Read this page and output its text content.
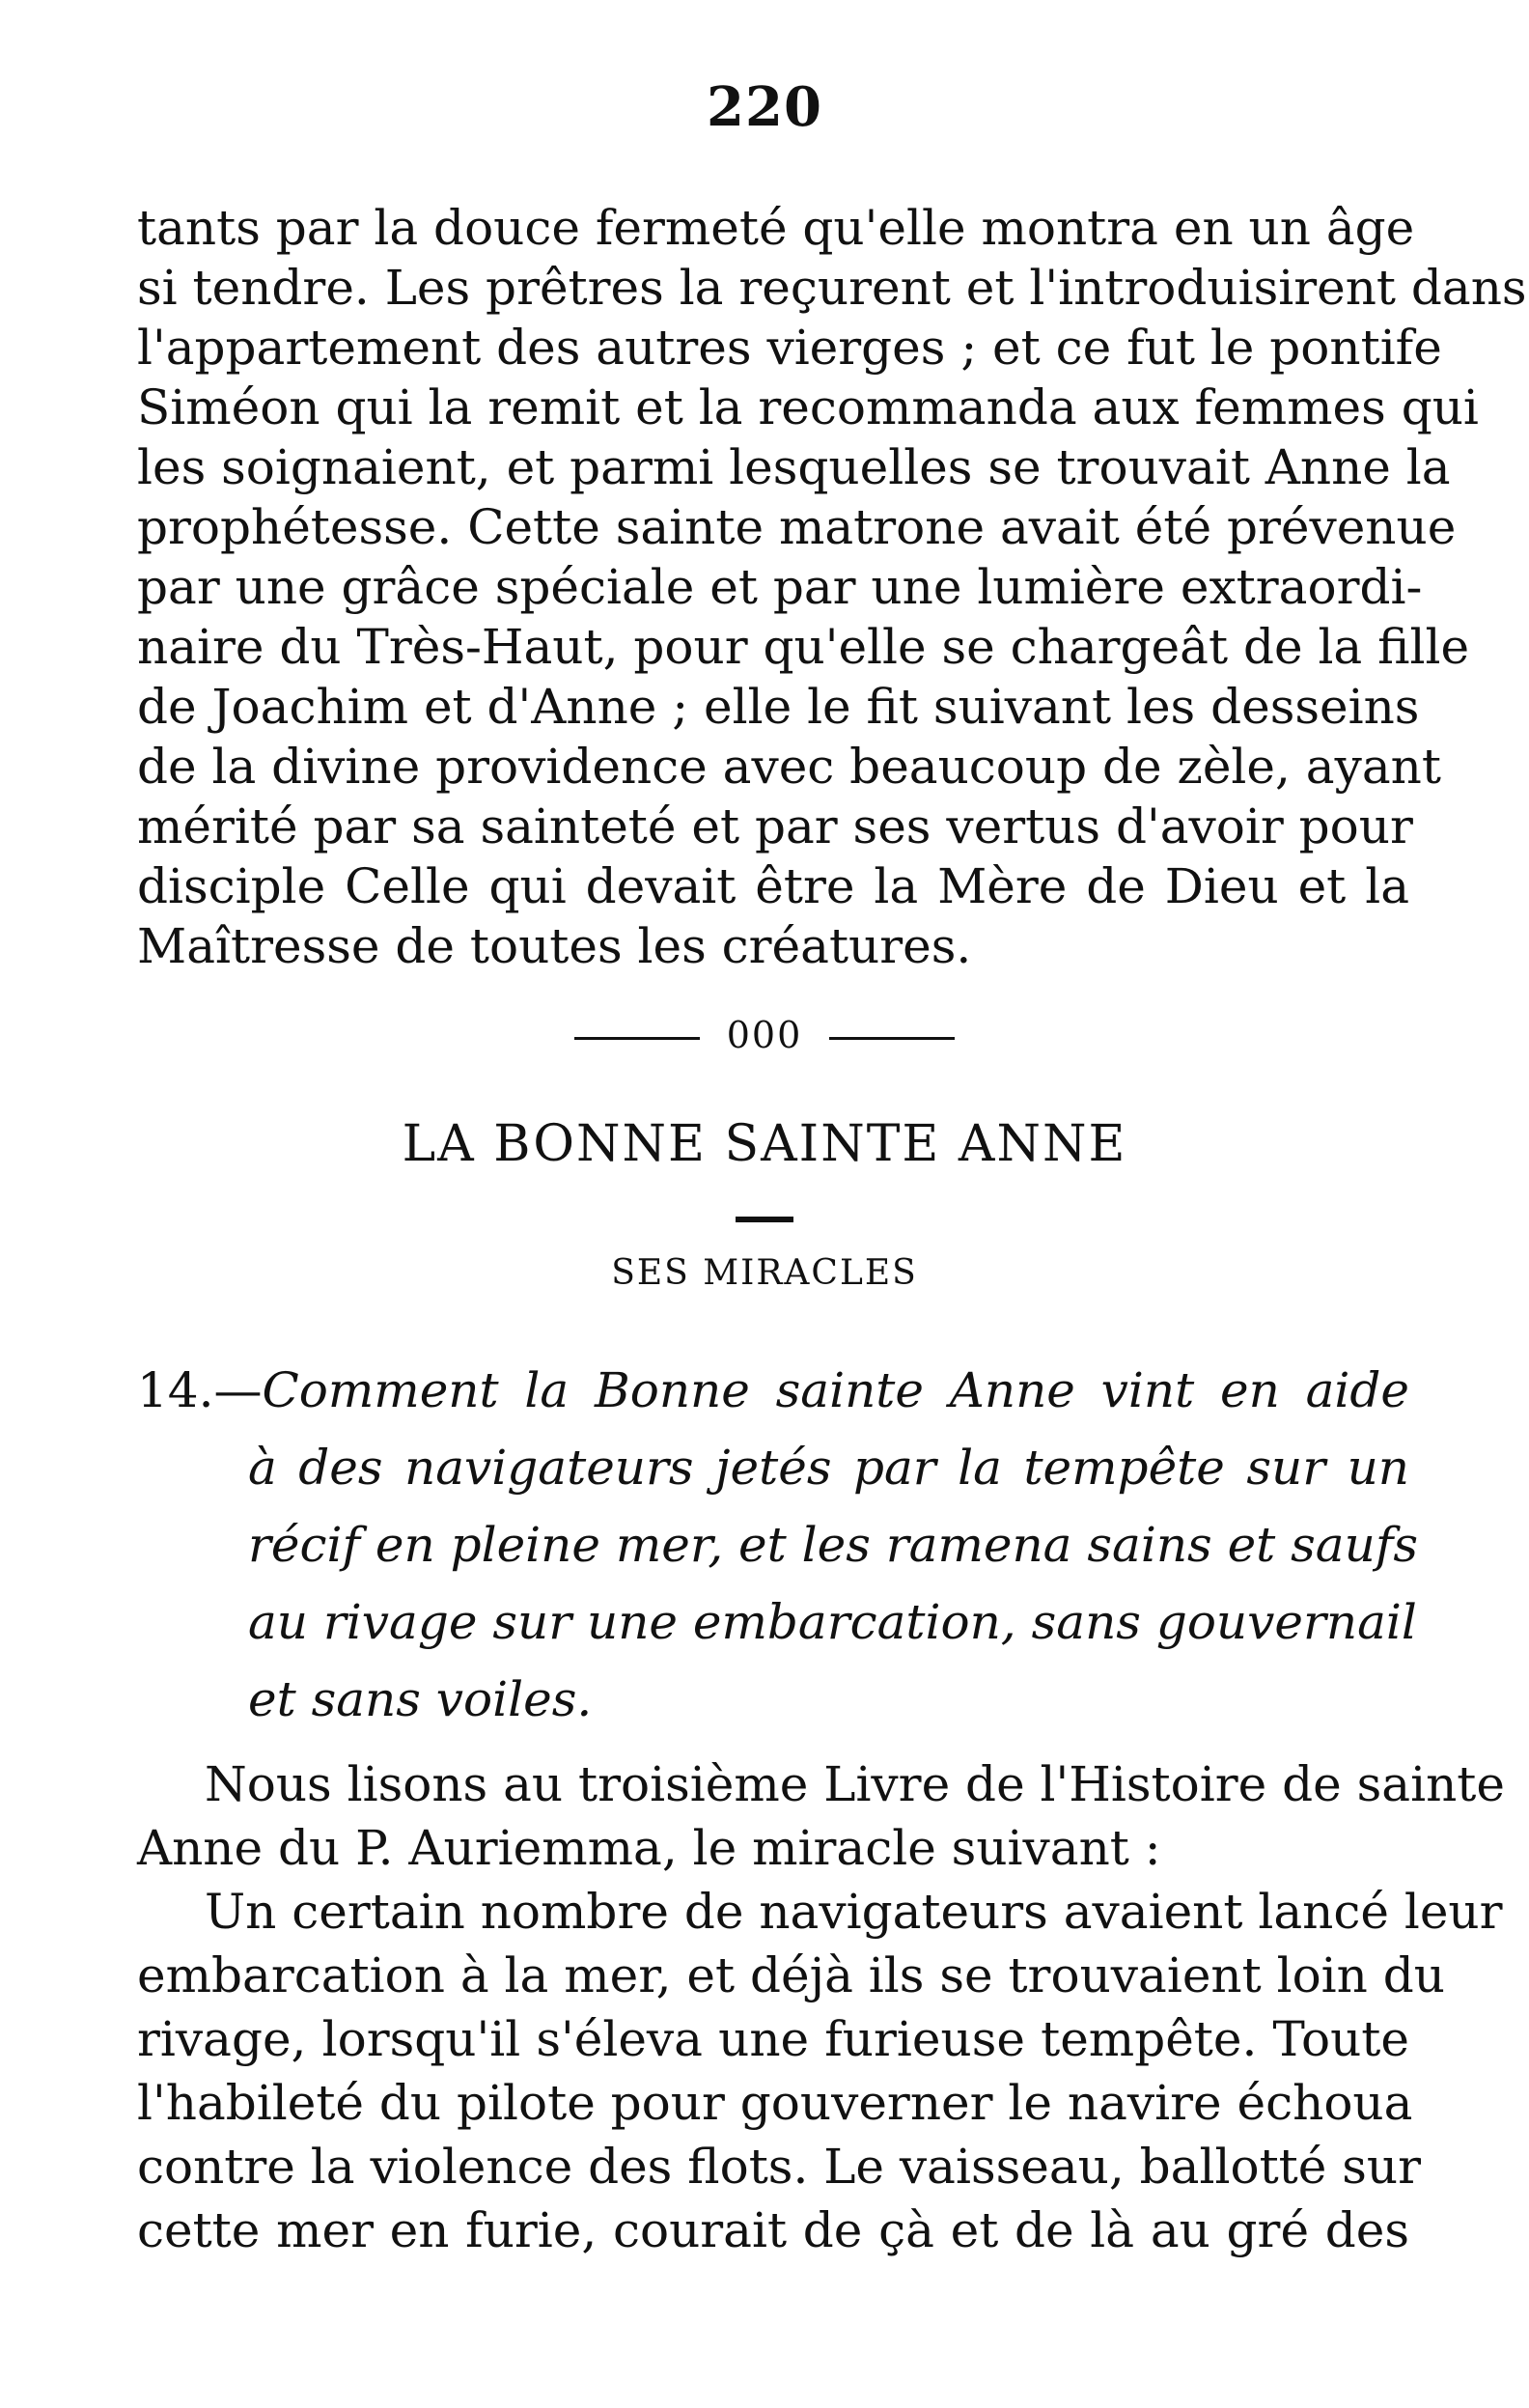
220
tants par la douce fermeté qu'elle montra en un âge
si tendre. Les prêtres la reçurent et l'introduisirent dans
l'appartement des autres vierges ; et ce fut le pontife
Siméon qui la remit et la recommanda aux femmes qui
les soignaient, et parmi lesquelles se trouvait Anne la
prophétesse. Cette sainte matrone avait été prévenue
par une grâce spéciale et par une lumière extraordi-
naire du Très-Haut, pour qu'elle se chargeât de la fille
de Joachim et d'Anne ; elle le fit suivant les desseins
de la divine providence avec beaucoup de zèle, ayant
mérité par sa sainteté et par ses vertus d'avoir pour
disciple Celle qui devait être la Mère de Dieu et la
Maîtresse de toutes les créatures.
000
LA BONNE SAINTE ANNE
SES MIRACLES
14.—Comment la Bonne sainte Anne vint en aide
à des navigateurs jetés par la tempête sur un
récif en pleine mer, et les ramena sains et saufs
au rivage sur une embarcation, sans gouvernail
et sans voiles.
Nous lisons au troisième Livre de l'Histoire de sainte
Anne du P. Auriemma, le miracle suivant :
Un certain nombre de navigateurs avaient lancé leur
embarcation à la mer, et déjà ils se trouvaient loin du
rivage, lorsqu'il s'éleva une furieuse tempête. Toute
l'habileté du pilote pour gouverner le navire échoua
contre la violence des flots. Le vaisseau, ballotté sur
cette mer en furie, courait de çà et de là au gré des
